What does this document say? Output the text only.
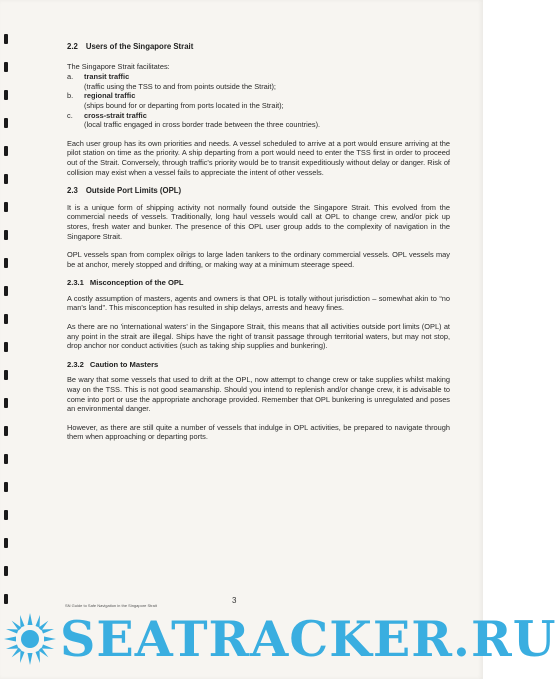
2.2 Users of the Singapore Strait

The Singapore Strait facilitates:

a. transit traffic
(traffic using the TSS to and from points outside the Strait);
b. regional traffic
(ships bound for or departing from ports located in the Strait);
c. cross-strait traffic
(local traffic engaged in cross border trade between the three countries).

Each user group has its own priorities and needs. A vessel scheduled to arrive at a port would ensure arriving at the pilot station on time as the priority. A ship departing from a port would need to enter the TSS first in order to proceed out of the Strait. Conversely, through traffic's priority would be to transit expeditiously without delay or danger. Risk of collision may exist when a vessel fails to appreciate the intent of other vessels.

2.3 Outside Port Limits (OPL)

It is a unique form of shipping activity not normally found outside the Singapore Strait. This evolved from the commercial needs of vessels. Traditionally, long haul vessels would call at OPL to change crew, and/or pick up stores, fresh water and bunker. The presence of this OPL user group adds to the complexity of navigation in the Singapore Strait.

OPL vessels span from complex oilrigs to large laden tankers to the ordinary commercial vessels. OPL vessels may be at anchor, merely stopped and drifting, or making way at a minimum steerage speed.

2.3.1 Misconception of the OPL

A costly assumption of masters, agents and owners is that OPL is totally without jurisdiction – somewhat akin to “no man's land”. This misconception has resulted in ship delays, arrests and heavy fines.

As there are no 'international waters' in the Singapore Strait, this means that all activities outside port limits (OPL) at any point in the strait are illegal. Ships have the right of transit passage through territorial waters, but may not stop, drop anchor nor conduct activities (such as taking ship supplies and bunkering).

2.3.2 Caution to Masters

Be wary that some vessels that used to drift at the OPL, now attempt to change crew or take supplies whilst making way on the TSS. This is not good seamanship. Should you intend to replenish and/or change crew, it is advisable to come into port or use the appropriate anchorage provided. Remember that OPL bunkering is unregulated and poses an environmental danger.

However, as there are still quite a number of vessels that indulge in OPL activities, be prepared to navigate through them when approaching or departing ports.

3
SN Guide to Safe Navigation in the Singapore Strait
SEATRACKER.RU
